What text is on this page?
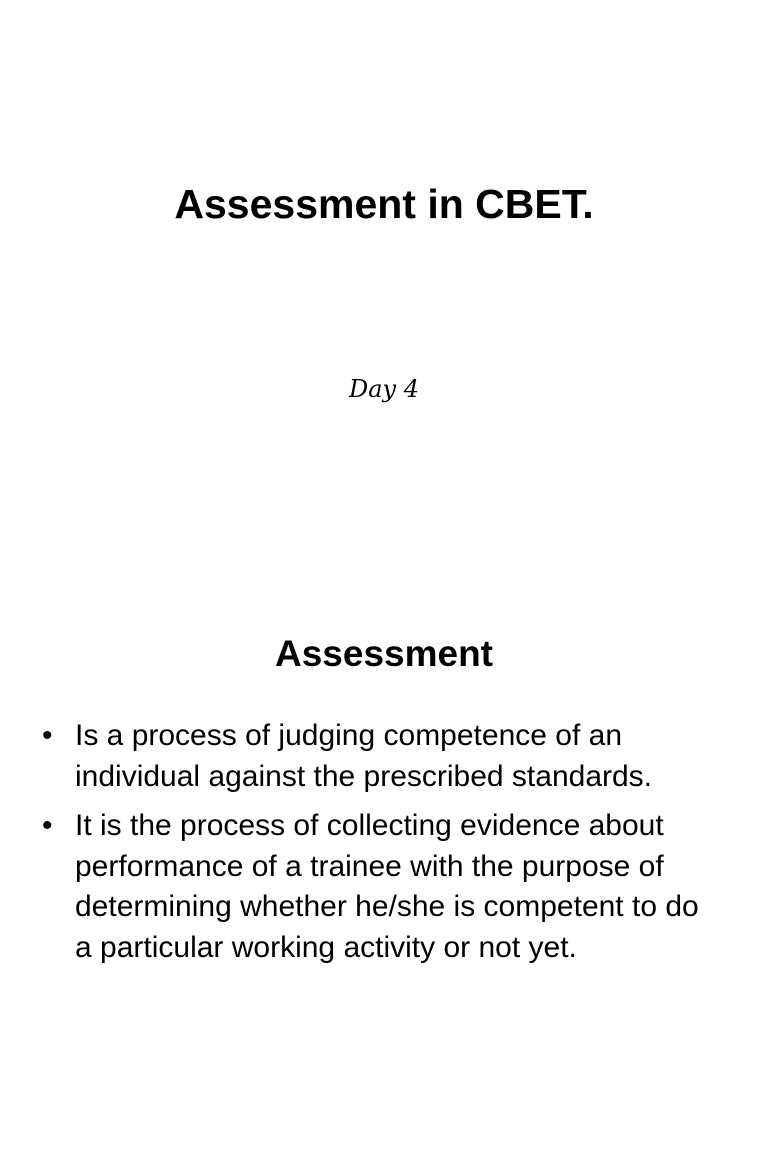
Assessment in CBET.
Day 4
Assessment
• Is a process of judging competence of an individual against the prescribed standards.
• It is the process of collecting evidence about performance of a trainee with the purpose of determining whether he/she is competent to do a particular working activity or not yet.
